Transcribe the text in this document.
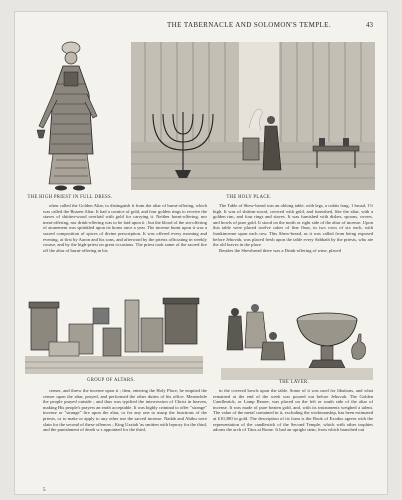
THE TABERNACLE AND SOLOMON'S TEMPLE.	43
THE HIGH PRIEST IN FULL DRESS.	THE HOLY PLACE.

often called the Golden Altar, to distinguish it from the altar of burnt-offering, which was called the Brazen Altar. It had a cornice of gold, and four golden rings to receive the staves of shittim-wood overlaid with gold for carrying it. Neither burnt-offering, nor meat-offering, nor drink-offering was to be laid upon it ; but the blood of the sin-offering of atonement was sprinkled upon its horns once a year. The incense burnt upon it was a sacred composition of spices of divine prescription. It was offered every morning and evening, at first by Aaron and his sons, and afterward by the priests officiating in weekly course, and by the high-priest on great occasions. The priest took some of the sacred fire off the altar of burnt-offering in his

The Table of Shew-bread was an oblong table, with legs, a cubits long, 1 broad, 1½ high. It was of shittim-wood, covered with gold, and furnished, like the altar, with a golden rim, and four rings and staves. It was furnished with dishes, spoons, covers, and bowls of pure gold. It stood on the north or right side of the altar of incense. Upon this table were placed twelve cakes of fine flour, in two rows of six each, with frankincense upon each row. This Shew-bread, as it was called from being exposed before Jehovah, was placed fresh upon the table every Sabbath by the priests, who ate the old loaves in the place.

Besides the Shewbread there was a Drink-offering of wine, placed

GROUP OF ALTARS.	THE LAVER.

censer, and threw the incense upon it ; then, entering the Holy Place, he emptied the censer upon the altar, prayed, and performed the other duties of his office. Meanwhile the people prayed outside ; and thus was typified the intercession of Christ in heaven, making His people's prayers an earth acceptable. It was highly criminal to offer "strange" incense or "strange" fire upon the altar, or for any one to usurp the functions of the priests, or to make or apply to any other use the sacred incense. Nadab and Abihu were slain for the second of these offences ; King Uzziah 'as smitten with leprosy for the third, and the punishment of death w s appointed for the third,

in the covered bowls upon the table. Some of it was used for libations, and what remained at the end of the week was poured out before Jehovah. The Golden Candlestick, or Lamp Bearer, was placed on the left or south side of the altar of incense. It was made of pure beaten gold, and, with its instruments weighed a talent. The value of the metal contained in it, excluding the workmanship, has been estimated at £10,380 in gold. The description of its form is the Book of Exodus agrees with the representation of the candlestick of the Second Temple, which with other trophies adorns the arch of Titus at Rome. It had an upright stem, from which branched out

5
